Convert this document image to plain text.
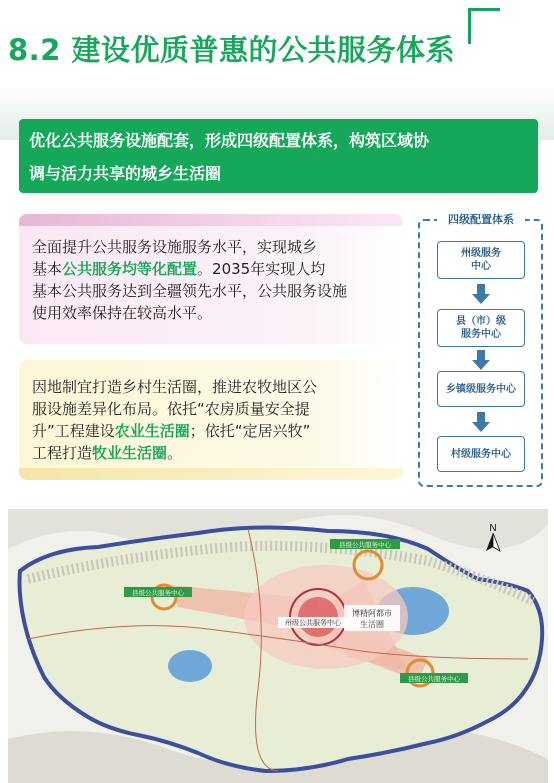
8.2 建设优质普惠的公共服务体系
优化公共服务设施配套，形成四级配置体系，构筑区域协
调与活力共享的城乡生活圈
全面提升公共服务设施服务水平，实现城乡
基本公共服务均等化配置。2035年实现人均
基本公共服务达到全疆领先水平，公共服务设施
使用效率保持在较高水平。
因地制宜打造乡村生活圈，推进农牧地区公
服设施差异化布局。依托“农房质量安全提
升”工程建设农业生活圈；依托“定居兴牧”
工程打造牧业生活圈。
四级配置体系
州级服务
中心
县（市）级
服务中心
乡镇级服务中心
村级服务中心
县级公共服务中心
县级公共服务中心
县级公共服务中心
州级公共服务中心
博精阿都市
生活圈
N
